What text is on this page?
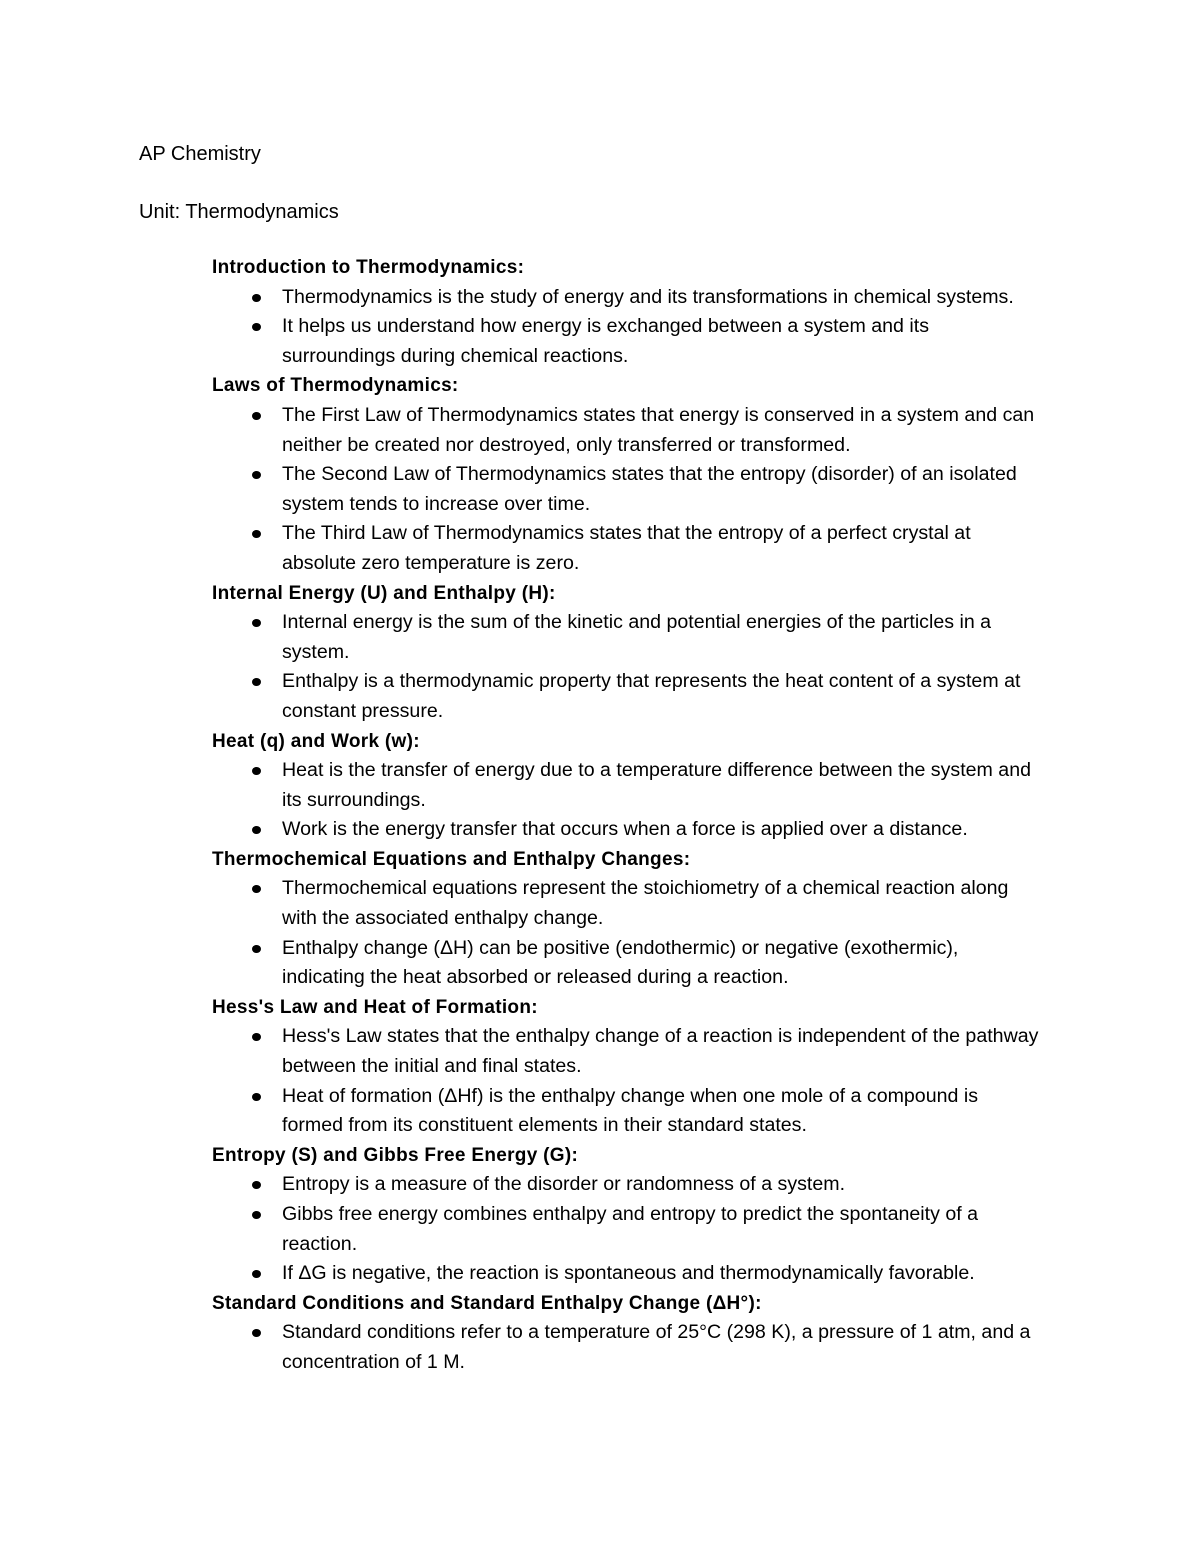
AP Chemistry

Unit: Thermodynamics

Introduction to Thermodynamics:
Thermodynamics is the study of energy and its transformations in chemical systems.
It helps us understand how energy is exchanged between a system and its surroundings during chemical reactions.
Laws of Thermodynamics:
The First Law of Thermodynamics states that energy is conserved in a system and can neither be created nor destroyed, only transferred or transformed.
The Second Law of Thermodynamics states that the entropy (disorder) of an isolated system tends to increase over time.
The Third Law of Thermodynamics states that the entropy of a perfect crystal at absolute zero temperature is zero.
Internal Energy (U) and Enthalpy (H):
Internal energy is the sum of the kinetic and potential energies of the particles in a system.
Enthalpy is a thermodynamic property that represents the heat content of a system at constant pressure.
Heat (q) and Work (w):
Heat is the transfer of energy due to a temperature difference between the system and its surroundings.
Work is the energy transfer that occurs when a force is applied over a distance.
Thermochemical Equations and Enthalpy Changes:
Thermochemical equations represent the stoichiometry of a chemical reaction along with the associated enthalpy change.
Enthalpy change (ΔH) can be positive (endothermic) or negative (exothermic), indicating the heat absorbed or released during a reaction.
Hess's Law and Heat of Formation:
Hess's Law states that the enthalpy change of a reaction is independent of the pathway between the initial and final states.
Heat of formation (ΔHf) is the enthalpy change when one mole of a compound is formed from its constituent elements in their standard states.
Entropy (S) and Gibbs Free Energy (G):
Entropy is a measure of the disorder or randomness of a system.
Gibbs free energy combines enthalpy and entropy to predict the spontaneity of a reaction.
If ΔG is negative, the reaction is spontaneous and thermodynamically favorable.
Standard Conditions and Standard Enthalpy Change (ΔH°):
Standard conditions refer to a temperature of 25°C (298 K), a pressure of 1 atm, and a concentration of 1 M.
